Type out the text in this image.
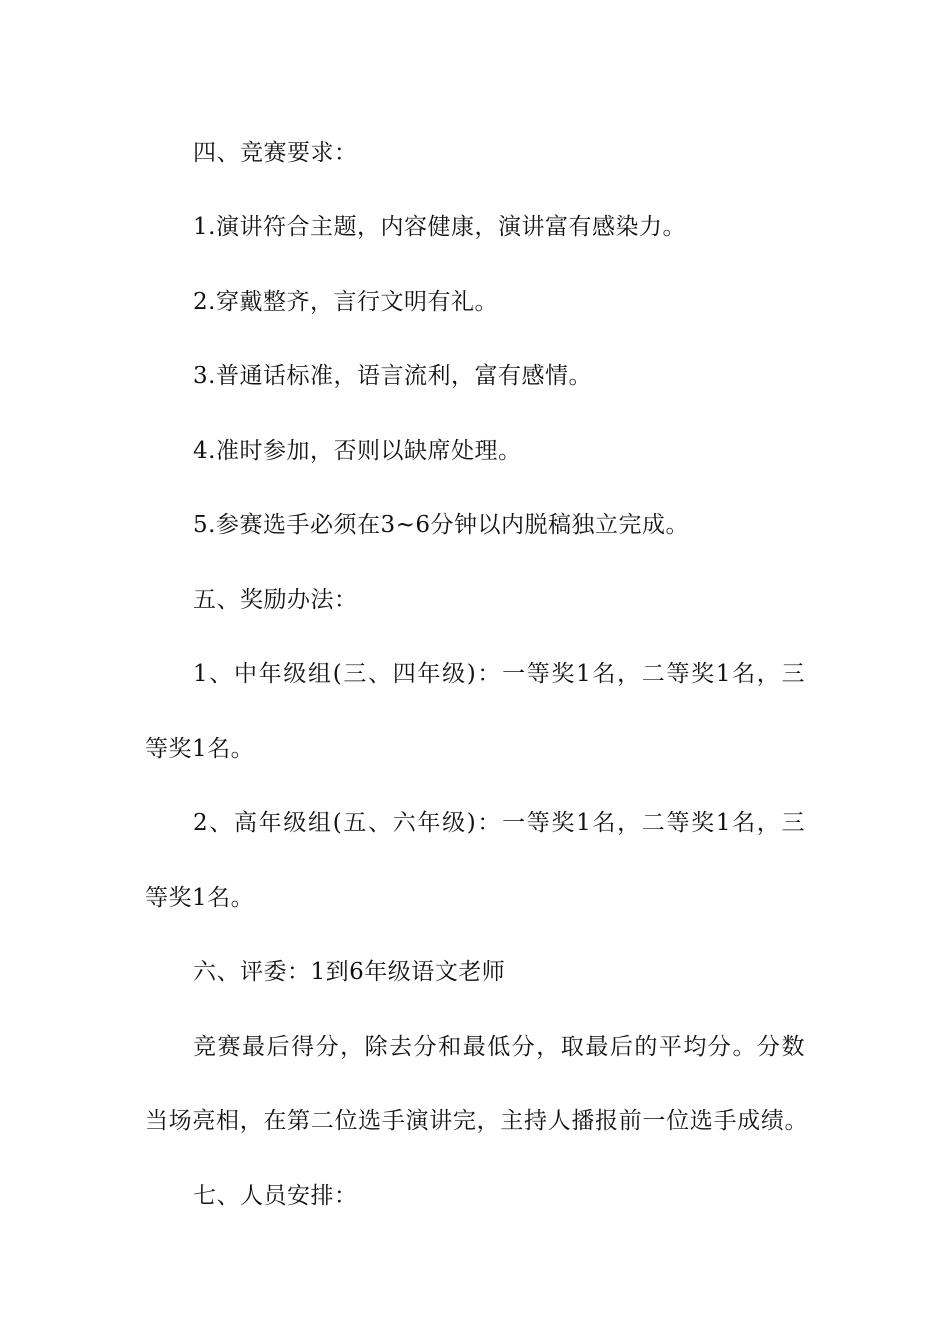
四、竞赛要求：
1.演讲符合主题，内容健康，演讲富有感染力。
2.穿戴整齐，言行文明有礼。
3.普通话标准，语言流利，富有感情。
4.准时参加，否则以缺席处理。
5.参赛选手必须在3~6分钟以内脱稿独立完成。
五、奖励办法：
1、中年级组(三、四年级)：一等奖1名，二等奖1名，三
等奖1名。
2、高年级组(五、六年级)：一等奖1名，二等奖1名，三
等奖1名。
六、评委：1到6年级语文老师
竞赛最后得分，除去分和最低分，取最后的平均分。分数
当场亮相，在第二位选手演讲完，主持人播报前一位选手成绩。
七、人员安排：
